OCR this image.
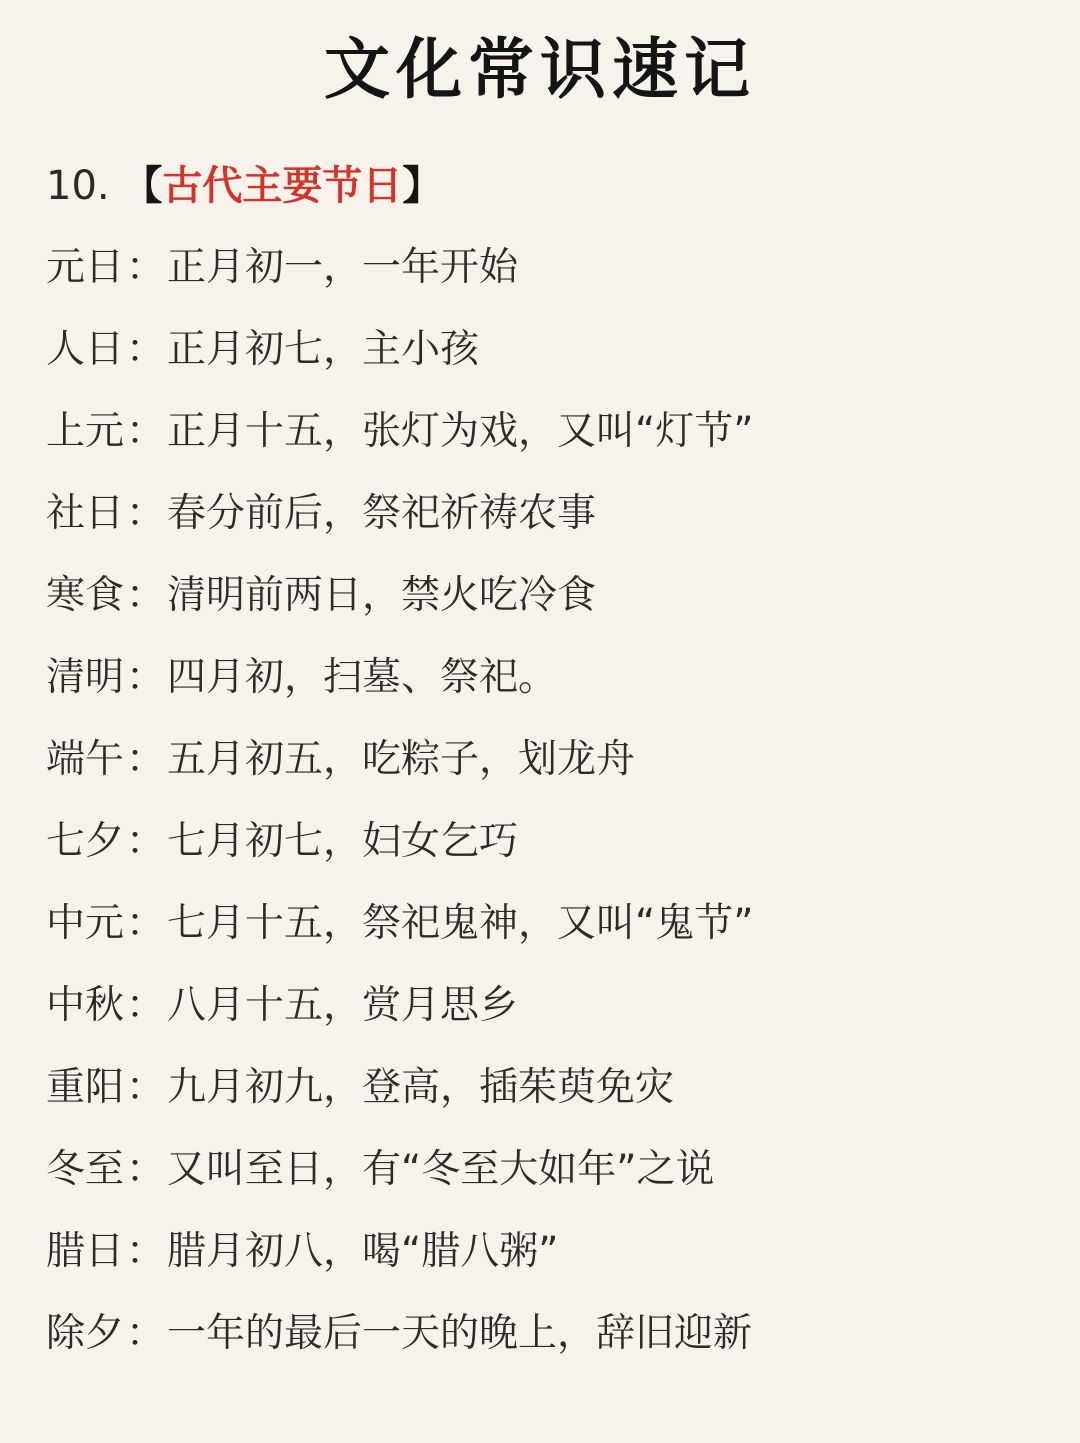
文化常识速记
10. 【古代主要节日】
元日：正月初一，一年开始
人日：正月初七，主小孩
上元：正月十五，张灯为戏，又叫“灯节”
社日：春分前后，祭祀祈祷农事
寒食：清明前两日，禁火吃冷食
清明：四月初，扫墓、祭祀。
端午：五月初五，吃粽子，划龙舟
七夕：七月初七，妇女乞巧
中元：七月十五，祭祀鬼神，又叫“鬼节”
中秋：八月十五，赏月思乡
重阳：九月初九，登高，插茱萸免灾
冬至：又叫至日，有“冬至大如年”之说
腊日：腊月初八，喝“腊八粥”
除夕：一年的最后一天的晚上，辞旧迎新
